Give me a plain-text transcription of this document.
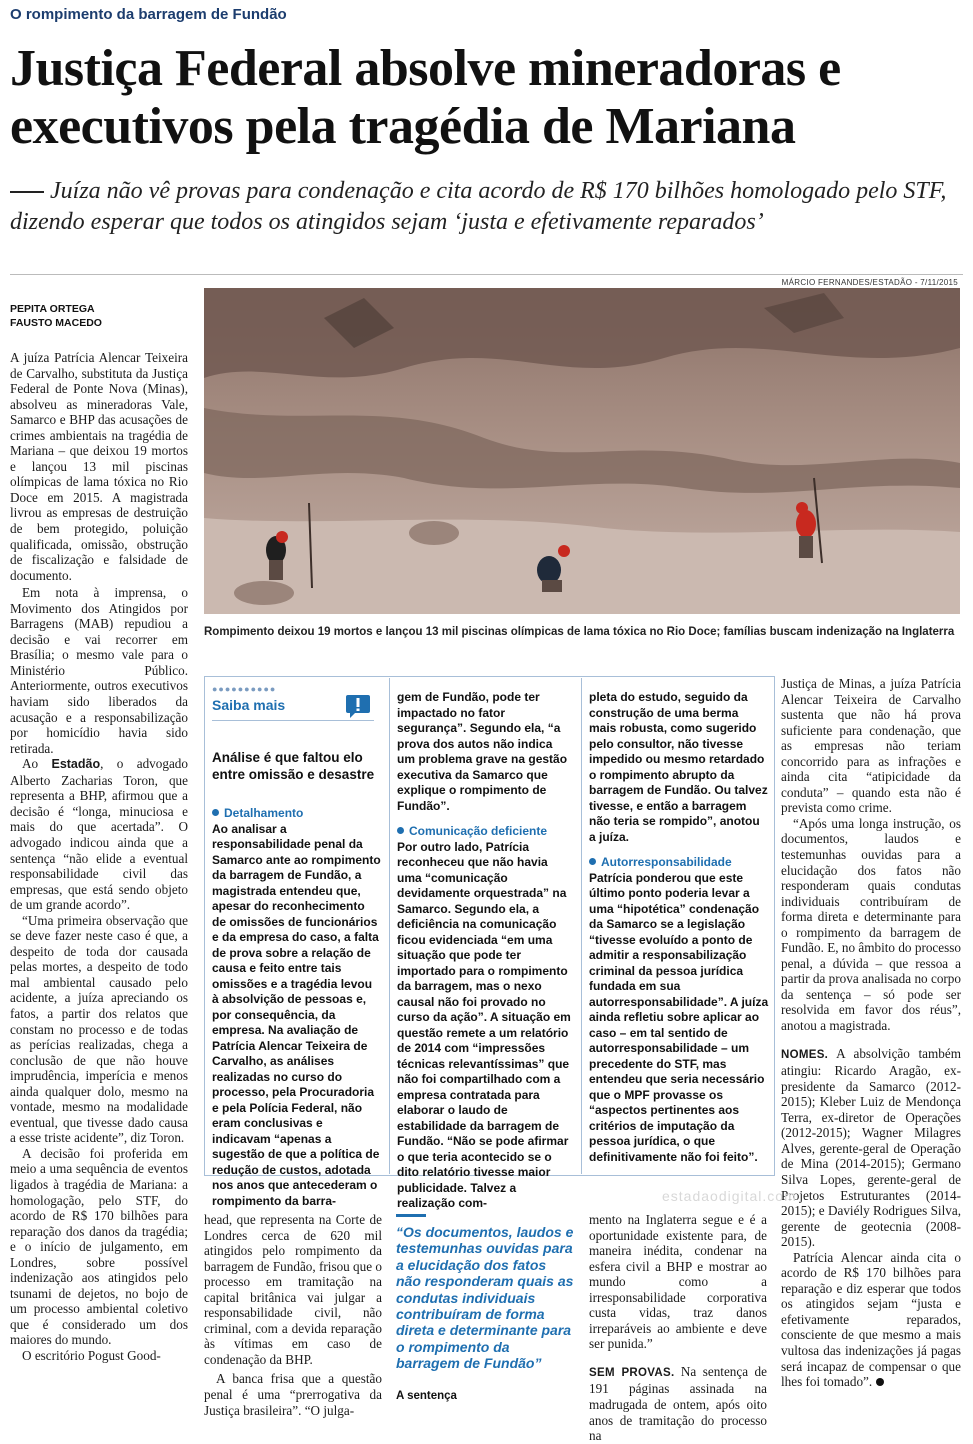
O rompimento da barragem de Fundão
Justiça Federal absolve mineradoras e executivos pela tragédia de Mariana
Juíza não vê provas para condenação e cita acordo de R$ 170 bilhões homologado pelo STF, dizendo esperar que todos os atingidos sejam ‘justa e efetivamente reparados’
MÁRCIO FERNANDES/ESTADÃO - 7/11/2015
Rompimento deixou 19 mortos e lançou 13 mil piscinas olímpicas de lama tóxica no Rio Doce; famílias buscam indenização na Inglaterra
PEPITA ORTEGA
FAUSTO MACEDO

A juíza Patrícia Alencar Teixeira de Carvalho, substituta da Justiça Federal de Ponte Nova (Minas), absolveu as mineradoras Vale, Samarco e BHP das acusações de crimes ambientais na tragédia de Mariana – que deixou 19 mortos e lançou 13 mil piscinas olímpicas de lama tóxica no Rio Doce em 2015. A magistrada livrou as empresas de destruição de bem protegido, poluição qualificada, omissão, obstrução de fiscalização e falsidade de documento.

Em nota à imprensa, o Movimento dos Atingidos por Barragens (MAB) repudiou a decisão e vai recorrer em Brasília; o mesmo vale para o Ministério Público. Anteriormente, outros executivos haviam sido liberados da acusação e a responsabilização por homicídio havia sido retirada.

Ao Estadão, o advogado Alberto Zacharias Toron, que representa a BHP, afirmou que a decisão é “longa, minuciosa e mais do que acertada”. O advogado indicou ainda que a sentença “não elide a eventual responsabilidade civil das empresas, que está sendo objeto de um grande acordo”.

“Uma primeira observação que se deve fazer neste caso é que, a despeito de toda dor causada pelas mortes, a despeito de todo mal ambiental causado pelo acidente, a juíza apreciando os fatos, a partir dos relatos que constam no processo e de todas as perícias realizadas, chega a conclusão de que não houve imprudência, imperícia e menos ainda qualquer dolo, mesmo na vontade, mesmo na modalidade eventual, que tivesse dado causa a esse triste acidente”, diz Toron.

A decisão foi proferida em meio a uma sequência de eventos ligados à tragédia de Mariana: a homologação, pelo STF, do acordo de R$ 170 bilhões para reparação dos danos da tragédia; e o início de julgamento, em Londres, sobre possível indenização aos atingidos pelo tsunami de dejetos, no bojo de um processo ambiental coletivo que é considerado um dos maiores do mundo.

O escritório Pogust Good-

●●●●●●●●●●
Saiba mais
Análise é que faltou elo entre omissão e desastre
Detalhamento
Ao analisar a responsabilidade penal da Samarco ante ao rompimento da barragem de Fundão, a magistrada entendeu que, apesar do reconhecimento de omissões de funcionários e da empresa do caso, a falta de prova sobre a relação de causa e feito entre tais omissões e a tragédia levou à absolvição de pessoas e, por consequência, da empresa. Na avaliação de Patrícia Alencar Teixeira de Carvalho, as análises realizadas no curso do processo, pela Procuradoria e pela Polícia Federal, não eram conclusivas e indicavam “apenas a sugestão de que a política de redução de custos, adotada nos anos que antecederam o rompimento da barra-
gem de Fundão, pode ter impactado no fator segurança”. Segundo ela, “a prova dos autos não indica um problema grave na gestão executiva da Samarco que explique o rompimento de Fundão”.
Comunicação deficiente
Por outro lado, Patrícia reconheceu que não havia uma “comunicação devidamente orquestrada” na Samarco. Segundo ela, a deficiência na comunicação ficou evidenciada “em uma situação que pode ter importado para o rompimento da barragem, mas o nexo causal não foi provado no curso da ação”. A situação em questão remete a um relatório de 2014 com “impressões técnicas relevantíssimas” que não foi compartilhado com a empresa contratada para elaborar o laudo de estabilidade da barragem de Fundão. “Não se pode afirmar o que teria acontecido se o dito relatório tivesse maior publicidade. Talvez a realização com-
pleta do estudo, seguido da construção de uma berma mais robusta, como sugerido pelo consultor, não tivesse impedido ou mesmo retardado o rompimento abrupto da barragem de Fundão. Ou talvez tivesse, e então a barragem não teria se rompido”, anotou a juíza.
Autorresponsabilidade
Patrícia ponderou que este último ponto poderia levar a uma “hipotética” condenação da Samarco se a legislação “tivesse evoluído a ponto de admitir a responsabilização criminal da pessoa jurídica fundada em sua autorresponsabilidade”. A juíza ainda refletiu sobre aplicar ao caso – em tal sentido de autorresponsabilidade – um precedente do STF, mas entendeu que seria necessário que o MPF provasse os “aspectos pertinentes aos critérios de imputação da pessoa jurídica, o que definitivamente não foi feito”.

head, que representa na Corte de Londres cerca de 620 mil atingidos pelo rompimento da barragem de Fundão, frisou que o processo em tramitação na capital britânica vai julgar a responsabilidade civil, não criminal, com a devida reparação às vítimas em caso de condenação da BHP.

A banca frisa que a questão penal é uma “prerrogativa da Justiça brasileira”. “O julga-

“Os documentos, laudos e testemunhas ouvidas para a elucidação dos fatos não responderam quais as condutas individuais contribuíram de forma direta e determinante para o rompimento da barragem de Fundão”
A sentença

mento na Inglaterra segue e é a oportunidade existente para, de maneira inédita, condenar na esfera civil a BHP e mostrar ao mundo como a irresponsabilidade corporativa custa vidas, traz danos irreparáveis ao ambiente e deve ser punida.”

SEM PROVAS. Na sentença de 191 páginas assinada na madrugada de ontem, após oito anos de tramitação do processo na

Justiça de Minas, a juíza Patrícia Alencar Teixeira de Carvalho sustenta que não há prova suficiente para condenação, que as empresas não teriam concorrido para as infrações e ainda cita “atipicidade da conduta” – quando esta não é prevista como crime.

“Após uma longa instrução, os documentos, laudos e testemunhas ouvidas para a elucidação dos fatos não responderam quais condutas individuais contribuíram de forma direta e determinante para o rompimento da barragem de Fundão. E, no âmbito do processo penal, a dúvida – que ressoa a partir da prova analisada no corpo da sentença – só pode ser resolvida em favor dos réus”, anotou a magistrada.

NOMES. A absolvição também atingiu: Ricardo Aragão, ex-presidente da Samarco (2012-2015); Kleber Luiz de Mendonça Terra, ex-diretor de Operações (2012-2015); Wagner Milagres Alves, gerente-geral de Operação de Mina (2014-2015); Germano Silva Lopes, gerente-geral de Projetos Estruturantes (2014-2015); e Daviély Rodrigues Silva, gerente de geotecnia (2008-2015).

Patrícia Alencar ainda cita o acordo de R$ 170 bilhões para reparação e diz esperar que todos os atingidos sejam “justa e efetivamente reparados, consciente de que mesmo a mais vultosa das indenizações já pagas será incapaz de compensar o que lhes foi tomado”.

estadaodigital.com
